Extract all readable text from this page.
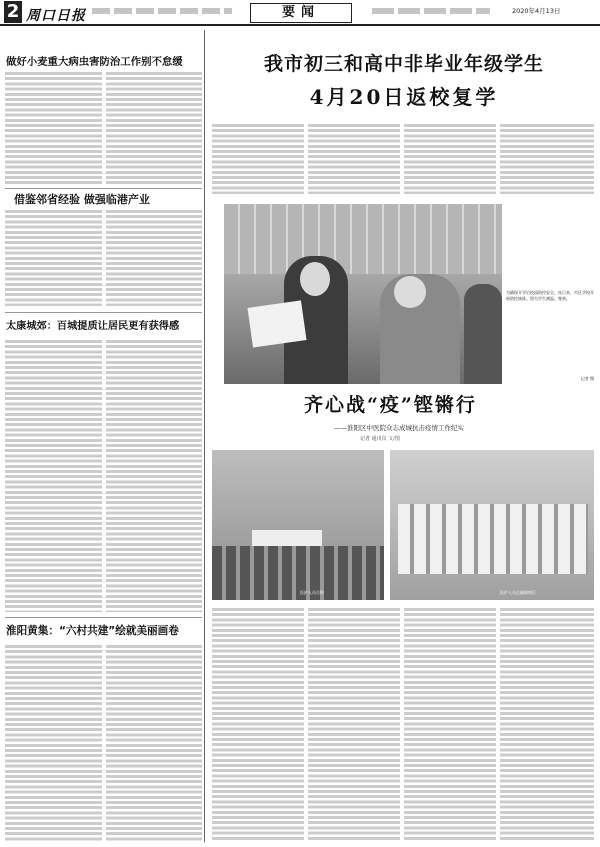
2 周口日报	要闻	2020年4月13日
做好小麦重大病虫害防治工作别不怠缓
借鉴邻省经验 做强临港产业
太康城郊：百城提质让居民更有获得感
淮阳黄集：“六村共建”绘就美丽画卷
我市初三和高中非毕业年级学生
4月20日返校复学
为确保开学后校园防控安全，连日来，市区学校开展防控演练。图为学生测温、签到。
记者 摄
齐心战“疫”铿锵行
——淮阳区中医院众志成城抗击疫情工作纪实
记者 通讯员 文/图
医护人员合影	医护人员在隔离病区
